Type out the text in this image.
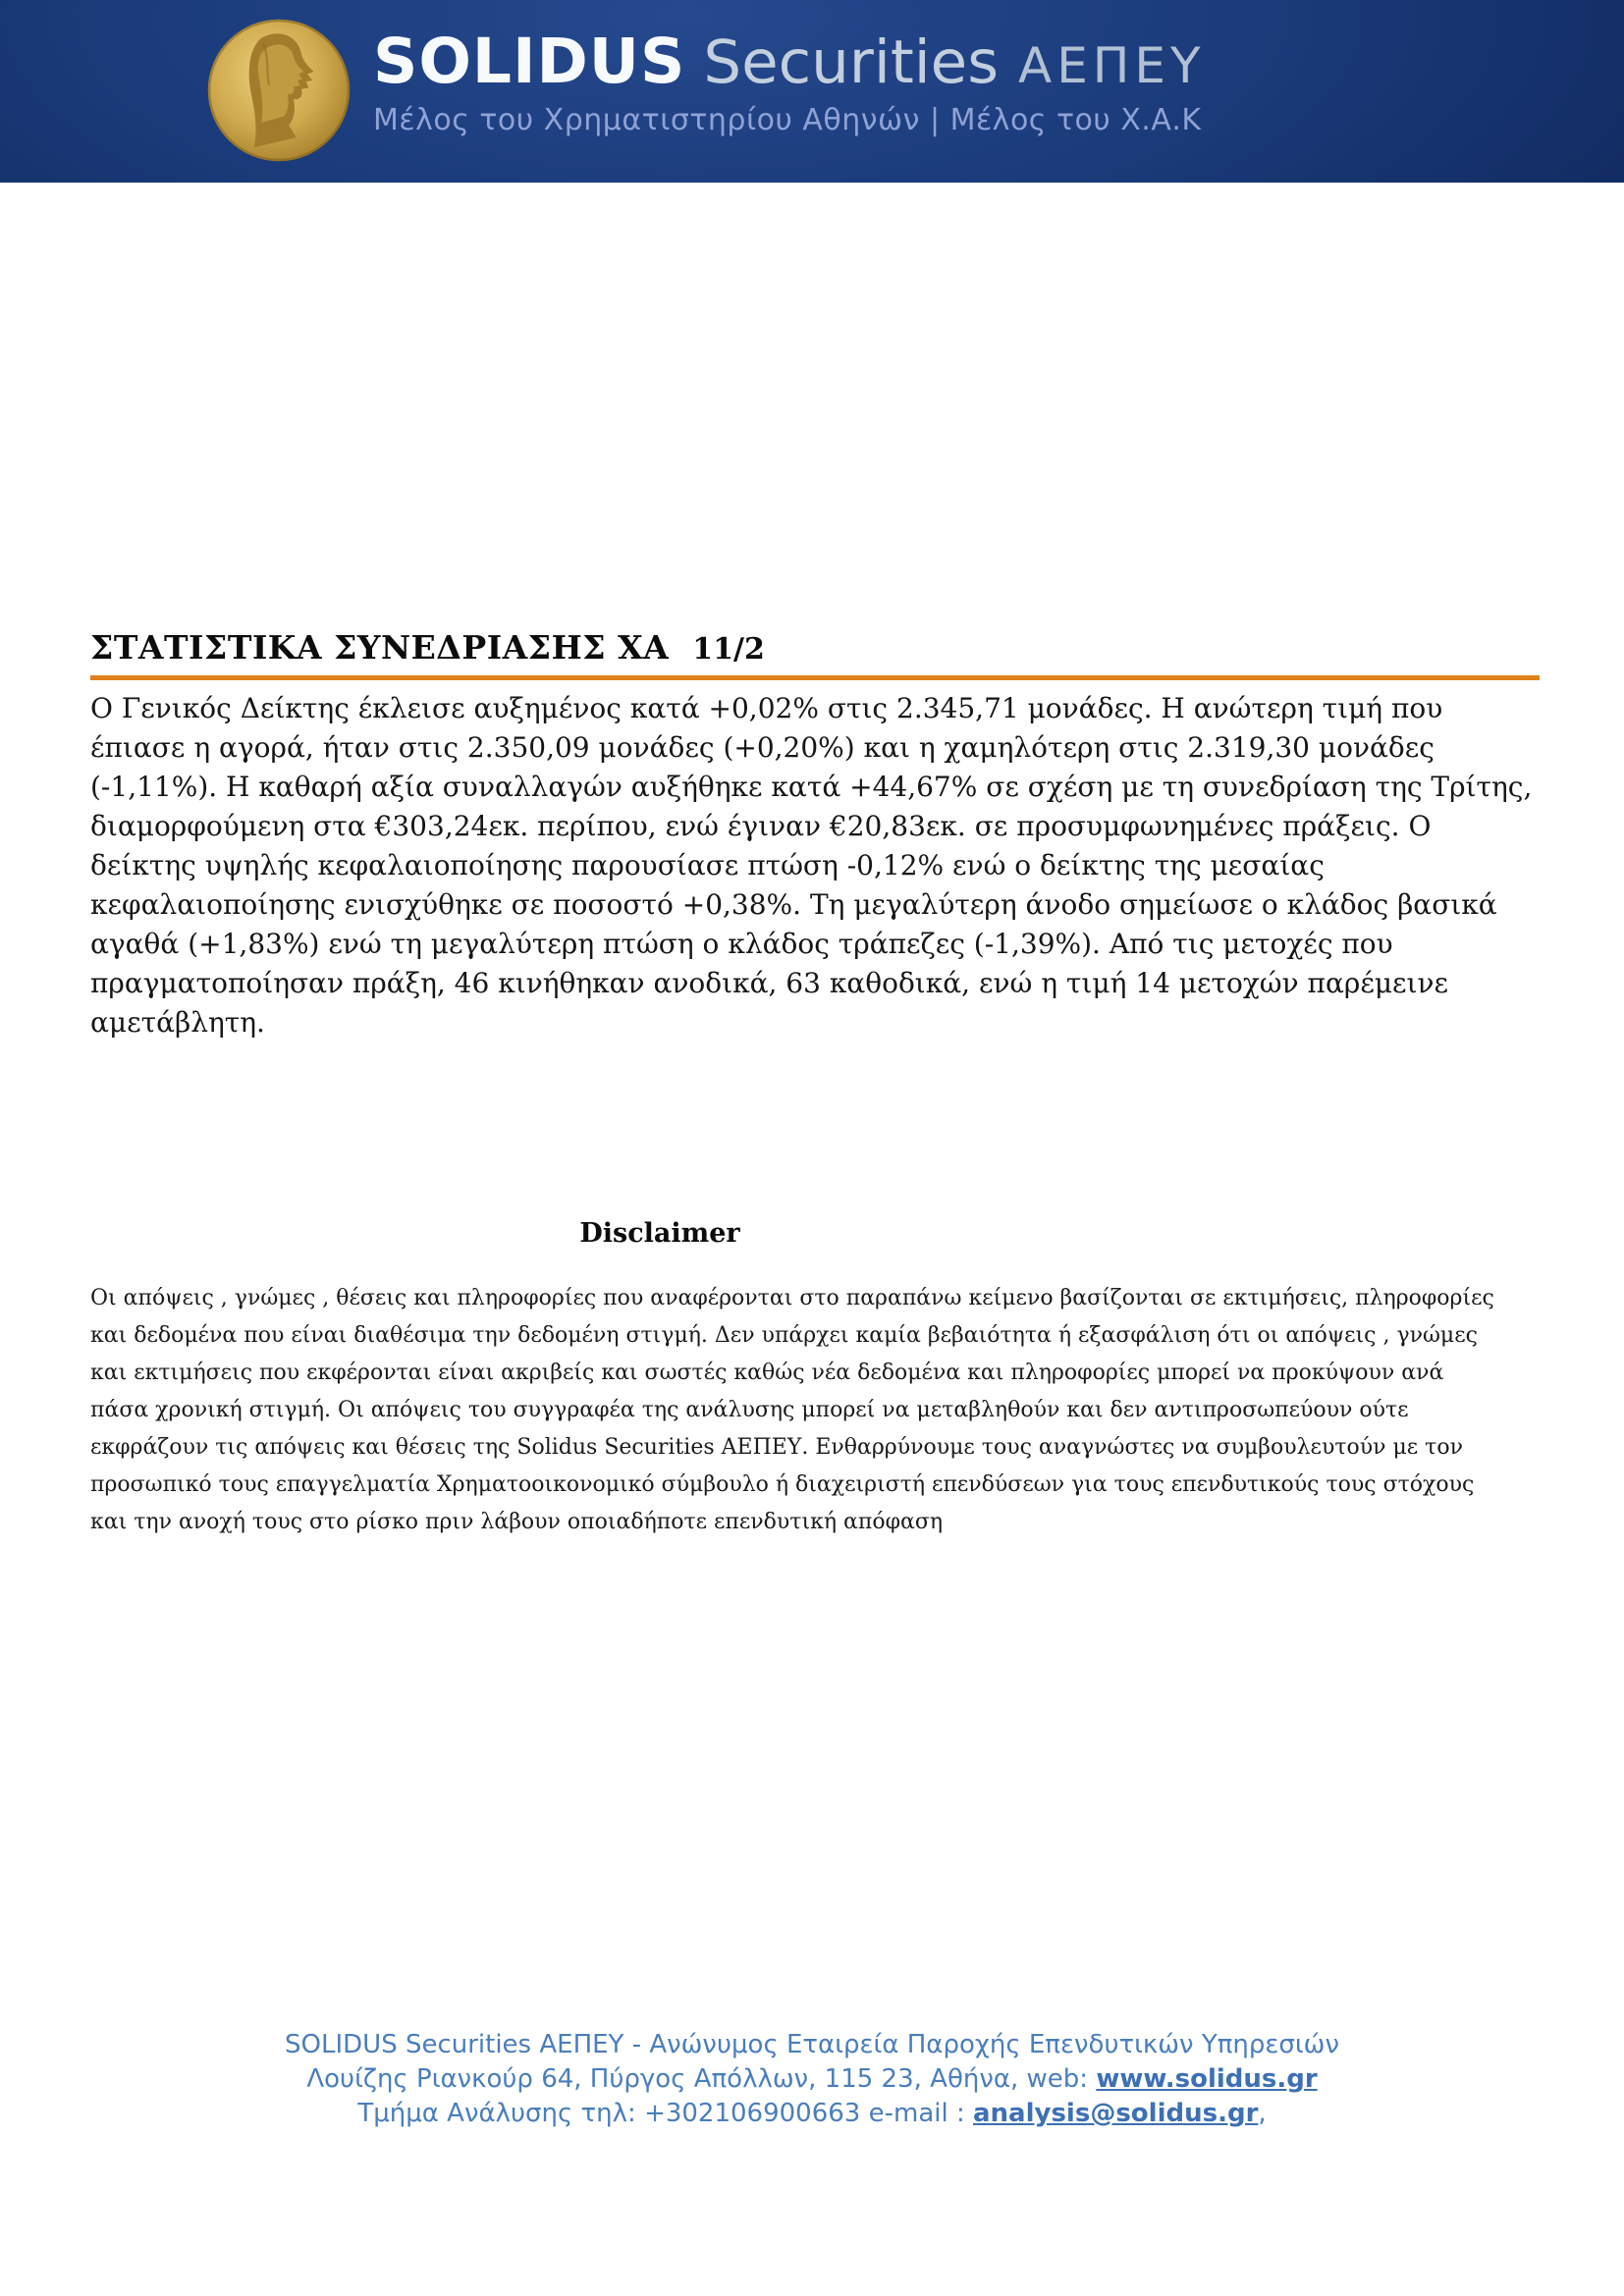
SOLIDUS Securities ΑΕΠΕΥ
Μέλος του Χρηματιστηρίου Αθηνών | Μέλος του Χ.Α.Κ
ΣΤΑΤΙΣΤΙΚΑ ΣΥΝΕΔΡΙΑΣΗΣ ΧΑ 11/2
Ο Γενικός Δείκτης έκλεισε αυξημένος κατά +0,02% στις 2.345,71 μονάδες. Η ανώτερη τιμή που έπιασε η αγορά, ήταν στις 2.350,09 μονάδες (+0,20%) και η χαμηλότερη στις 2.319,30 μονάδες (-1,11%). Η καθαρή αξία συναλλαγών αυξήθηκε κατά +44,67% σε σχέση με τη συνεδρίαση της Τρίτης, διαμορφούμενη στα €303,24εκ. περίπου, ενώ έγιναν €20,83εκ. σε προσυμφωνημένες πράξεις. Ο δείκτης υψηλής κεφαλαιοποίησης παρουσίασε πτώση -0,12% ενώ ο δείκτης της μεσαίας κεφαλαιοποίησης ενισχύθηκε σε ποσοστό +0,38%. Τη μεγαλύτερη άνοδο σημείωσε ο κλάδος βασικά αγαθά (+1,83%) ενώ τη μεγαλύτερη πτώση ο κλάδος τράπεζες (-1,39%). Από τις μετοχές που πραγματοποίησαν πράξη, 46 κινήθηκαν ανοδικά, 63 καθοδικά, ενώ η τιμή 14 μετοχών παρέμεινε αμετάβλητη.
Disclaimer
Οι απόψεις , γνώμες , θέσεις και πληροφορίες που αναφέρονται στο παραπάνω κείμενο βασίζονται σε εκτιμήσεις, πληροφορίες και δεδομένα που είναι διαθέσιμα την δεδομένη στιγμή. Δεν υπάρχει καμία βεβαιότητα ή εξασφάλιση ότι οι απόψεις , γνώμες και εκτιμήσεις που εκφέρονται είναι ακριβείς και σωστές καθώς νέα δεδομένα και πληροφορίες μπορεί να προκύψουν ανά πάσα χρονική στιγμή. Οι απόψεις του συγγραφέα της ανάλυσης μπορεί να μεταβληθούν και δεν αντιπροσωπεύουν ούτε εκφράζουν τις απόψεις και θέσεις της Solidus Securities ΑΕΠΕΥ. Ενθαρρύνουμε τους αναγνώστες να συμβουλευτούν με τον προσωπικό τους επαγγελματία Χρηματοοικονομικό σύμβουλο ή διαχειριστή επενδύσεων για τους επενδυτικούς τους στόχους και την ανοχή τους στο ρίσκο πριν λάβουν οποιαδήποτε επενδυτική απόφαση
SOLIDUS Securities ΑΕΠΕΥ - Ανώνυμος Εταιρεία Παροχής Επενδυτικών Υπηρεσιών
Λουίζης Ριανκούρ 64, Πύργος Απόλλων, 115 23, Αθήνα, web: www.solidus.gr
Τμήμα Ανάλυσης τηλ: +302106900663 e-mail : analysis@solidus.gr,
